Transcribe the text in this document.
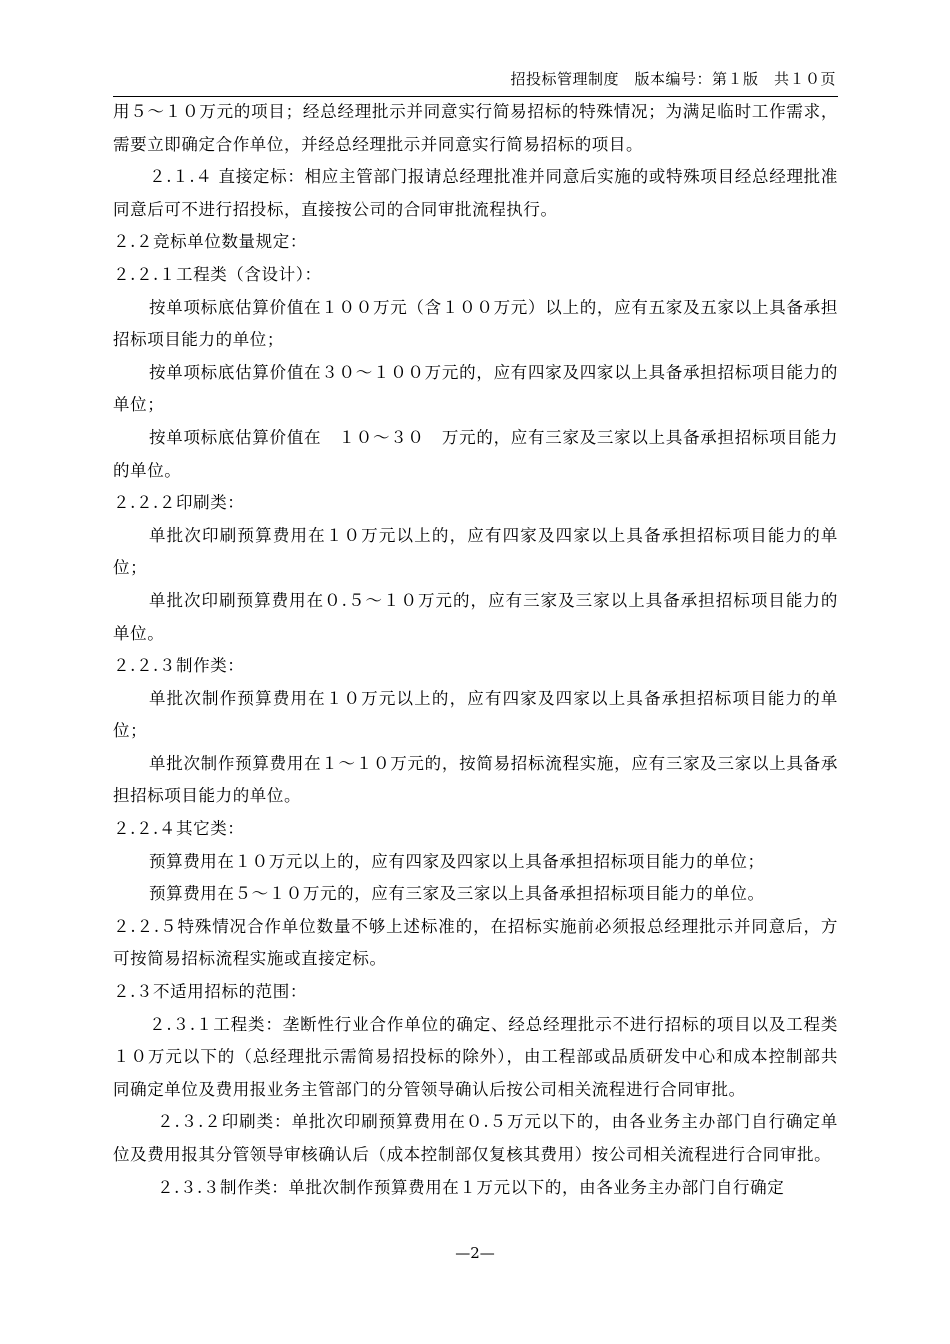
招投标管理制度　版本编号：第１版　共１０页

用５～１０万元的项目；经总经理批示并同意实行简易招标的特殊情况；为满足临时工作需求，需要立即确定合作单位，并经总经理批示并同意实行简易招标的项目。

２.１.４ 直接定标：相应主管部门报请总经理批准并同意后实施的或特殊项目经总经理批准同意后可不进行招投标，直接按公司的合同审批流程执行。

２.２竞标单位数量规定：

２.２.１工程类（含设计）：

按单项标底估算价值在１００万元（含１００万元）以上的，应有五家及五家以上具备承担招标项目能力的单位；

按单项标底估算价值在３０～１００万元的，应有四家及四家以上具备承担招标项目能力的单位；

按单项标底估算价值在　１０～３０　万元的，应有三家及三家以上具备承担招标项目能力的单位。

２.２.２印刷类：

单批次印刷预算费用在１０万元以上的，应有四家及四家以上具备承担招标项目能力的单位；

单批次印刷预算费用在０.５～１０万元的，应有三家及三家以上具备承担招标项目能力的单位。

２.２.３制作类：

单批次制作预算费用在１０万元以上的，应有四家及四家以上具备承担招标项目能力的单位；

单批次制作预算费用在１～１０万元的，按简易招标流程实施，应有三家及三家以上具备承担招标项目能力的单位。

２.２.４其它类：

预算费用在１０万元以上的，应有四家及四家以上具备承担招标项目能力的单位；

预算费用在５～１０万元的，应有三家及三家以上具备承担招标项目能力的单位。

２.２.５特殊情况合作单位数量不够上述标准的，在招标实施前必须报总经理批示并同意后，方可按简易招标流程实施或直接定标。

２.３不适用招标的范围：

２.３.１工程类：垄断性行业合作单位的确定、经总经理批示不进行招标的项目以及工程类１０万元以下的（总经理批示需简易招投标的除外），由工程部或品质研发中心和成本控制部共同确定单位及费用报业务主管部门的分管领导确认后按公司相关流程进行合同审批。

２.３.２印刷类：单批次印刷预算费用在０.５万元以下的，由各业务主办部门自行确定单位及费用报其分管领导审核确认后（成本控制部仅复核其费用）按公司相关流程进行合同审批。

２.３.３制作类：单批次制作预算费用在１万元以下的，由各业务主办部门自行确定

—2—
